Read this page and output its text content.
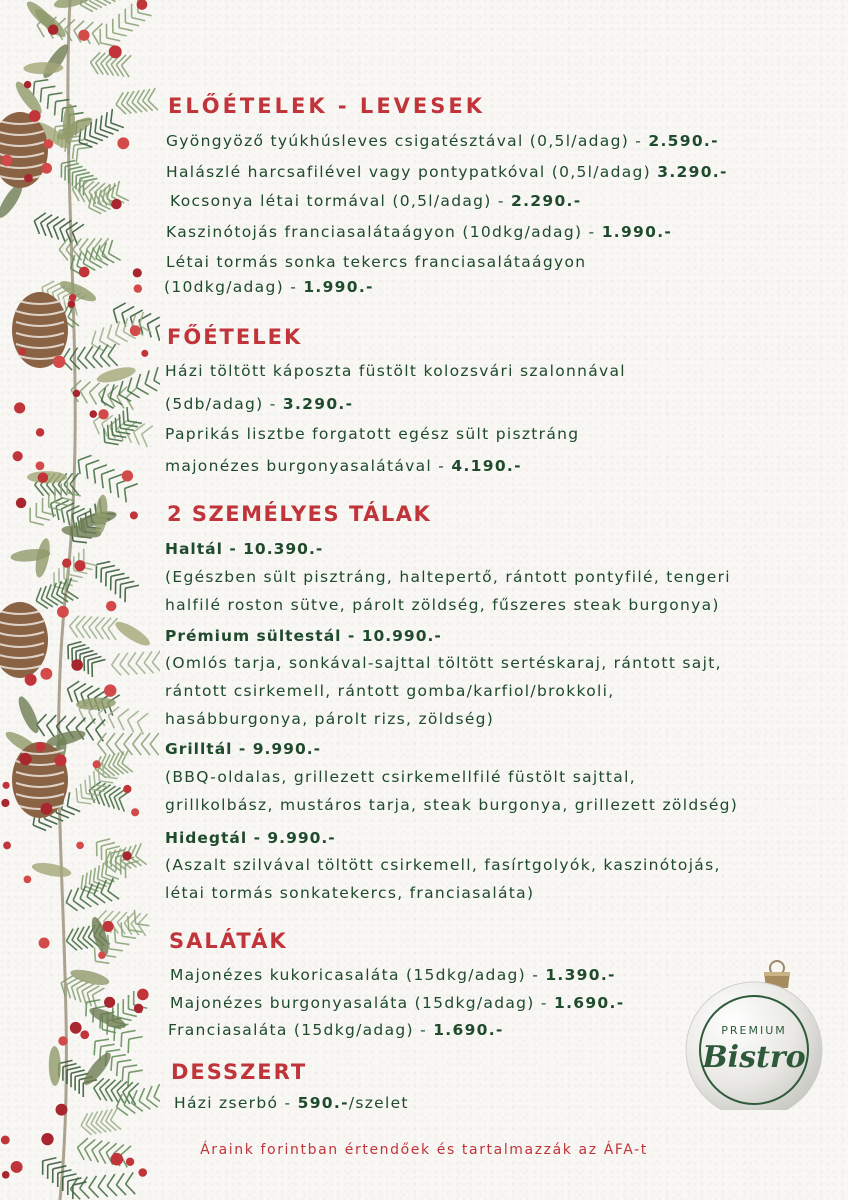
ELŐÉTELEK - LEVESEK
Gyöngyöző tyúkhúsleves csigatésztával (0,5l/adag) - 2.590.-
Halászlé harcsafilével vagy pontypatkóval (0,5l/adag) 3.290.-
Kocsonya létai tormával (0,5l/adag) - 2.290.-
Kaszinótojás franciasalátaágyon (10dkg/adag) - 1.990.-
Létai tormás sonka tekercs franciasalátaágyon
(10dkg/adag) - 1.990.-
FŐÉTELEK
Házi töltött káposzta füstölt kolozsvári szalonnával
(5db/adag) - 3.290.-
Paprikás lisztbe forgatott egész sült pisztráng
majonézes burgonyasalátával - 4.190.-
2 SZEMÉLYES TÁLAK
Haltál - 10.390.-
(Egészben sült pisztráng, haltepertő, rántott pontyfilé, tengeri
halfilé roston sütve, párolt zöldség, fűszeres steak burgonya)
Prémium sültestál - 10.990.-
(Omlós tarja, sonkával-sajttal töltött sertéskaraj, rántott sajt,
rántott csirkemell, rántott gomba/karfiol/brokkoli,
hasábburgonya, párolt rizs, zöldség)
Grilltál - 9.990.-
(BBQ-oldalas, grillezett csirkemellfilé füstölt sajttal,
grillkolbász, mustáros tarja, steak burgonya, grillezett zöldség)
Hidegtál - 9.990.-
(Aszalt szilvával töltött csirkemell, fasírtgolyók, kaszinótojás,
létai tormás sonkatekercs, franciasaláta)
SALÁTÁK
Majonézes kukoricasaláta (15dkg/adag) - 1.390.-
Majonézes burgonyasaláta (15dkg/adag) - 1.690.-
Franciasaláta (15dkg/adag) - 1.690.-
DESSZERT
Házi zserbó - 590.-/szelet
Áraink forintban értendőek és tartalmazzák az ÁFA-t
PREMIUM
Bistro
